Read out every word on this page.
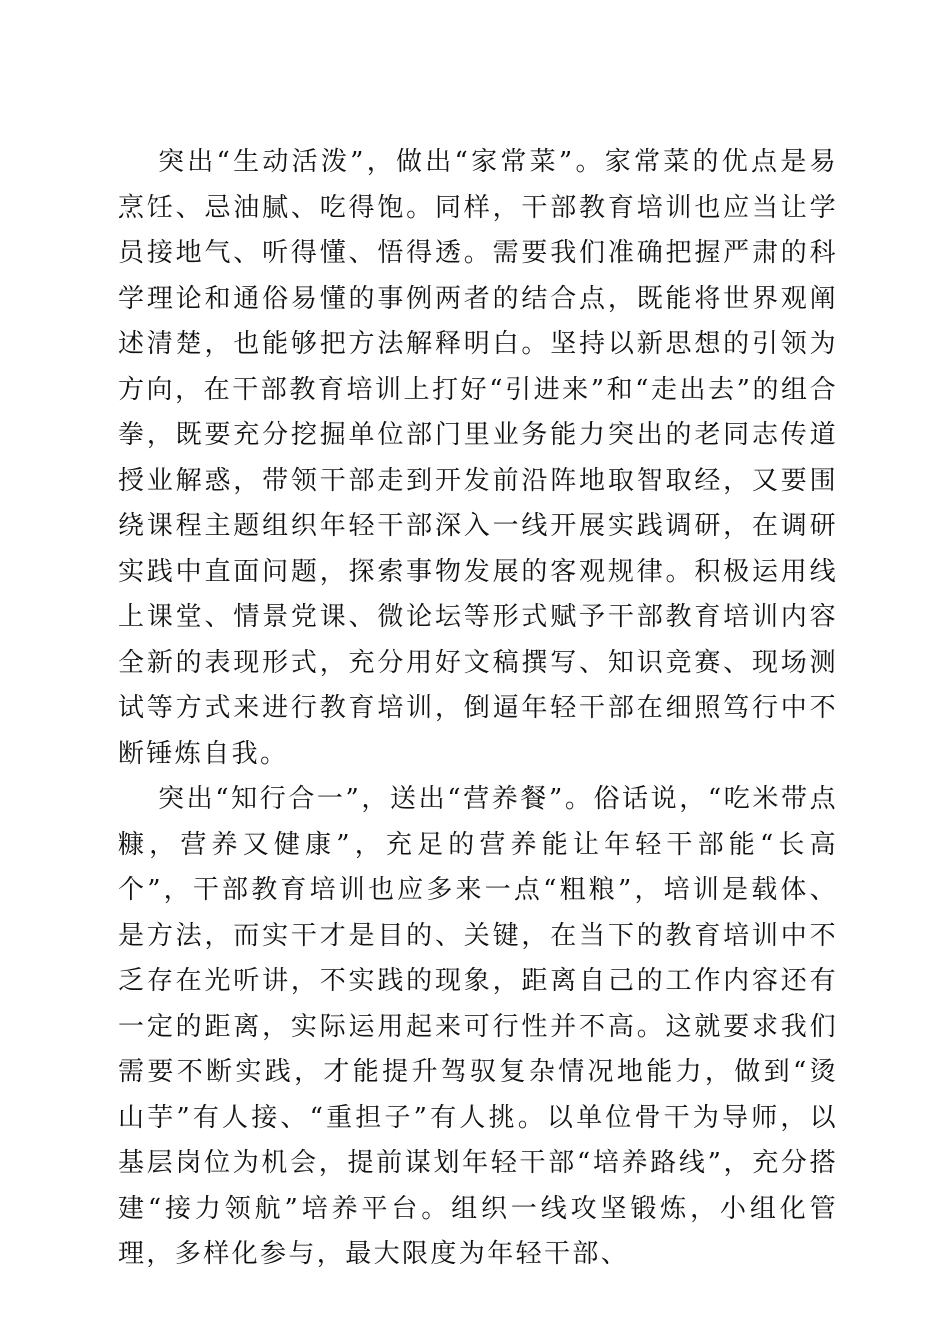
突出“生动活泼”，做出“家常菜”。家常菜的优点是易烹饪、忌油腻、吃得饱。同样，干部教育培训也应当让学员接地气、听得懂、悟得透。需要我们准确把握严肃的科学理论和通俗易懂的事例两者的结合点，既能将世界观阐述清楚，也能够把方法解释明白。坚持以新思想的引领为方向，在干部教育培训上打好“引进来”和“走出去”的组合拳，既要充分挖掘单位部门里业务能力突出的老同志传道授业解惑，带领干部走到开发前沿阵地取智取经，又要围绕课程主题组织年轻干部深入一线开展实践调研，在调研实践中直面问题，探索事物发展的客观规律。积极运用线上课堂、情景党课、微论坛等形式赋予干部教育培训内容全新的表现形式，充分用好文稿撰写、知识竞赛、现场测试等方式来进行教育培训，倒逼年轻干部在细照笃行中不断锤炼自我。

突出“知行合一”，送出“营养餐”。俗话说，“吃米带点糠，营养又健康”，充足的营养能让年轻干部能“长高个”，干部教育培训也应多来一点“粗粮”，培训是载体、是方法，而实干才是目的、关键，在当下的教育培训中不乏存在光听讲，不实践的现象，距离自己的工作内容还有一定的距离，实际运用起来可行性并不高。这就要求我们需要不断实践，才能提升驾驭复杂情况地能力，做到“烫山芋”有人接、“重担子”有人挑。以单位骨干为导师，以基层岗位为机会，提前谋划年轻干部“培养路线”，充分搭建“接力领航”培养平台。组织一线攻坚锻炼，小组化管理，多样化参与，最大限度为年轻干部、
